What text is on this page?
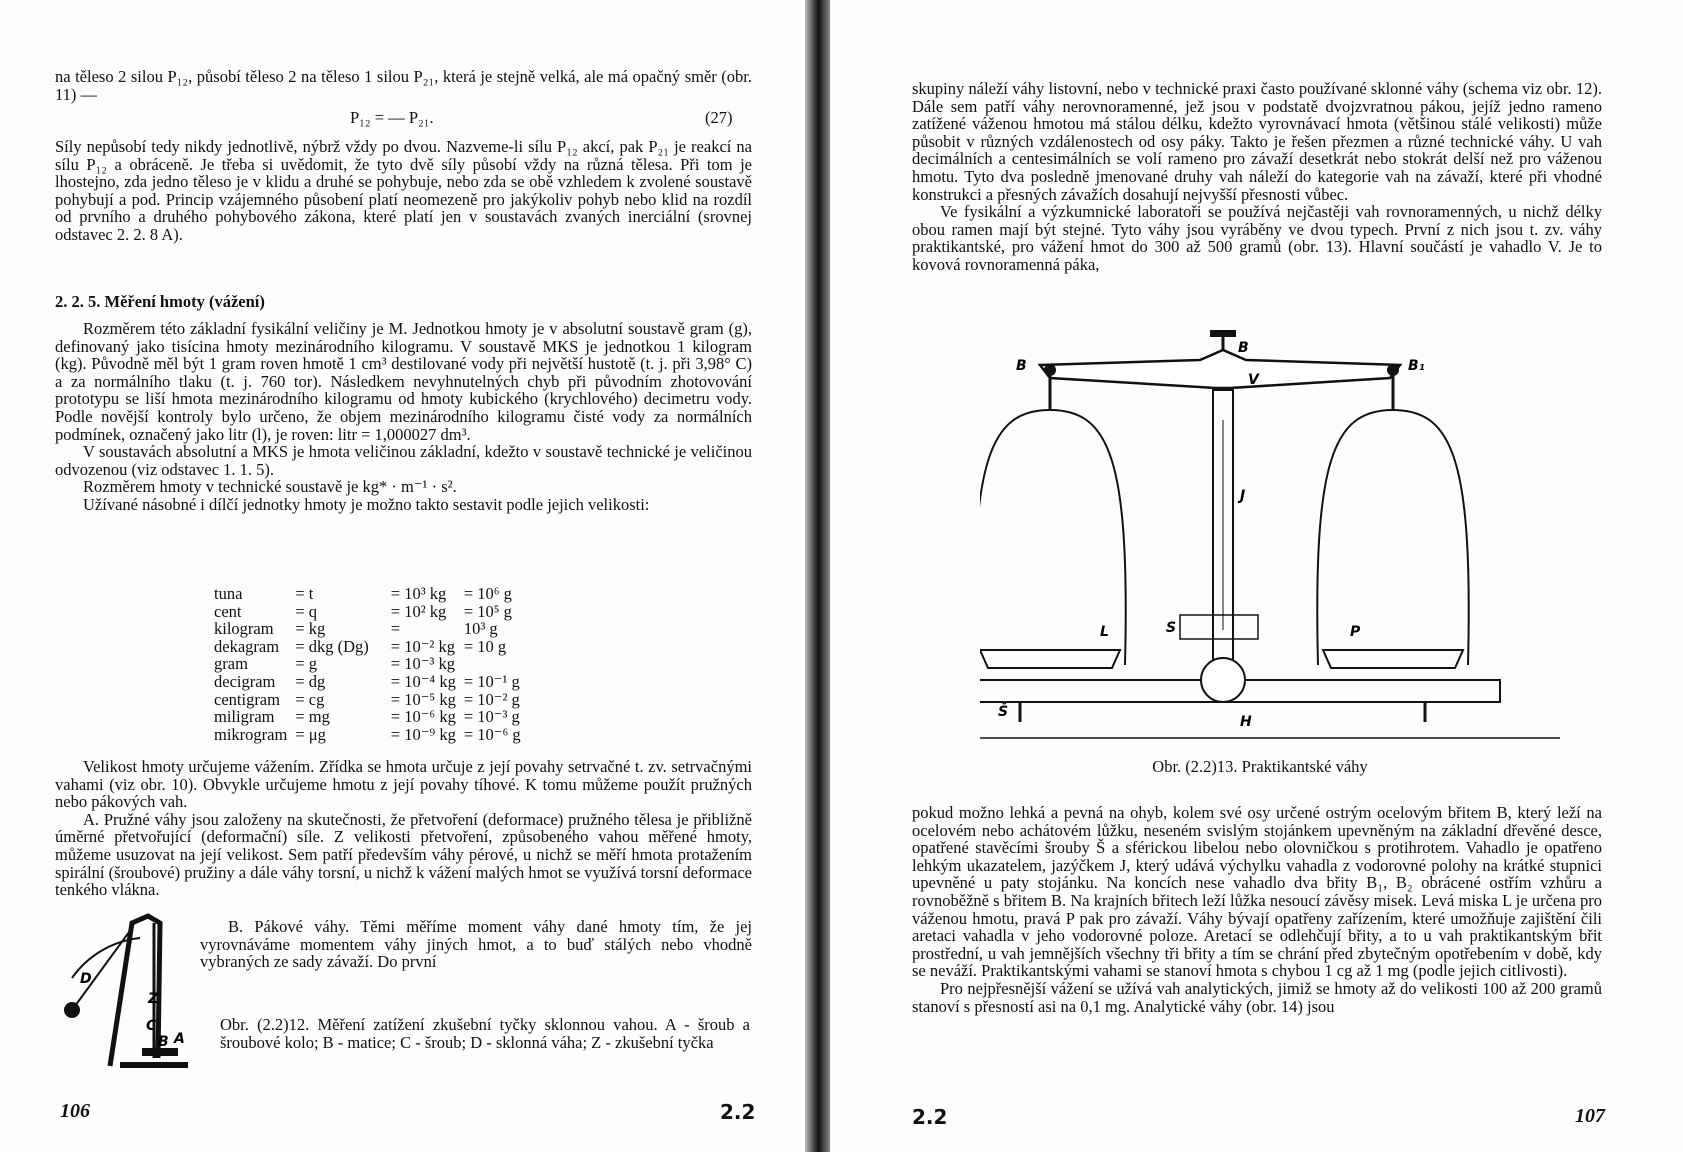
na těleso 2 silou P₁₂, působí těleso 2 na těleso 1 silou P₂₁, která je stejně velká, ale má opačný směr (obr. 11) —

P₁₂ = — P₂₁.	(27)

Síly nepůsobí tedy nikdy jednotlivě, nýbrž vždy po dvou. Nazveme-li sílu P₁₂ akcí, pak P₂₁ je reakcí na sílu P₁₂ a obráceně. Je třeba si uvědomit, že tyto dvě síly působí vždy na různá tělesa. Při tom je lhostejno, zda jedno těleso je v klidu a druhé se pohybuje, nebo zda se obě vzhledem k zvolené soustavě pohybují a pod. Princip vzájemného působení platí neomezeně pro jakýkoliv pohyb nebo klid na rozdíl od prvního a druhého pohybového zákona, které platí jen v soustavách zvaných inerciální (srovnej odstavec 2. 2. 8 A).

2. 2. 5. Měření hmoty (vážení)

Rozměrem této základní fysikální veličiny je M. Jednotkou hmoty je v absolutní soustavě gram (g), definovaný jako tisícina hmoty mezinárodního kilogramu. V soustavě MKS je jednotkou 1 kilogram (kg). Původně měl být 1 gram roven hmotě 1 cm³ destilované vody při největší hustotě (t. j. při 3,98° C) a za normálního tlaku (t. j. 760 tor). Následkem nevyhnutelných chyb při původním zhotovování prototypu se liší hmota mezinárodního kilogramu od hmoty kubického (krychlového) decimetru vody. Podle novější kontroly bylo určeno, že objem mezinárodního kilogramu čisté vody za normálních podmínek, označený jako litr (l), je roven: litr = 1,000027 dm³.

V soustavách absolutní a MKS je hmota veličinou základní, kdežto v soustavě technické je veličinou odvozenou (viz odstavec 1. 1. 5).

Rozměrem hmoty v technické soustavě je kg* · m⁻¹ · s².

Užívané násobné i dílčí jednotky hmoty je možno takto sestavit podle jejich velikosti:

tuna	= t	= 10³ kg	= 10⁶ g
cent	= q	= 10² kg	= 10⁵ g
kilogram	= kg	=	10³ g
dekagram	= dkg (Dg)	= 10⁻² kg	= 10 g
gram	= g	= 10⁻³ kg	
decigram	= dg	= 10⁻⁴ kg	= 10⁻¹ g
centigram	= cg	= 10⁻⁵ kg	= 10⁻² g
miligram	= mg	= 10⁻⁶ kg	= 10⁻³ g
mikrogram	= μg	= 10⁻⁹ kg	= 10⁻⁶ g

Velikost hmoty určujeme vážením. Zřídka se hmota určuje z její povahy setrvačné t. zv. setrvačnými vahami (viz obr. 10). Obvykle určujeme hmotu z její povahy tíhové. K tomu můžeme použít pružných nebo pákových vah.

A. Pružné váhy jsou založeny na skutečnosti, že přetvoření (deformace) pružného tělesa je přibližně úměrné přetvořující (deformační) síle. Z velikosti přetvoření, způsobeného vahou měřené hmoty, můžeme usuzovat na její velikost. Sem patří především váhy pérové, u nichž se měří hmota protažením spirální (šroubové) pružiny a dále váhy torsní, u nichž k vážení malých hmot se využívá torsní deformace tenkého vlákna.

B. Pákové váhy. Těmi měříme moment váhy dané hmoty tím, že jej vyrovnáváme momentem váhy jiných hmot, a to buď stálých nebo vhodně vybraných ze sady závaží. Do první

D
Z
C
B A
Obr. (2.2)12. Měření zatížení zkušební tyčky sklonnou vahou. A - šroub a šroubové kolo; B - matice; C - šroub; D - sklonná váha; Z - zkušební tyčka
106	2.2

skupiny náleží váhy listovní, nebo v technické praxi často používané sklonné váhy (schema viz obr. 12). Dále sem patří váhy nerovnoramenné, jež jsou v podstatě dvojzvratnou pákou, jejíž jedno rameno zatížené váženou hmotou má stálou délku, kdežto vyrovnávací hmota (většinou stálé velikosti) může působit v různých vzdálenostech od osy páky. Takto je řešen přezmen a různé technické váhy. U vah decimálních a centesimálních se volí rameno pro závaží desetkrát nebo stokrát delší než pro váženou hmotu. Tyto dva posledně jmenované druhy vah náleží do kategorie vah na závaží, které při vhodné konstrukci a přesných závažích dosahují nejvyšší přesnosti vůbec.

Ve fysikální a výzkumnické laboratoři se používá nejčastěji vah rovnoramenných, u nichž délky obou ramen mají být stejné. Tyto váhy jsou vyráběny ve dvou typech. První z nich jsou t. zv. váhy praktikantské, pro vážení hmot do 300 až 500 gramů (obr. 13). Hlavní součástí je vahadlo V. Je to kovová rovnoramenná páka,

B
B	B₁
V
J
S
L	P
Š
H
Obr. (2.2)13. Praktikantské váhy

pokud možno lehká a pevná na ohyb, kolem své osy určené ostrým ocelovým břitem B, který leží na ocelovém nebo achátovém lůžku, neseném svislým stojánkem upevněným na základní dřevěné desce, opatřené stavěcími šrouby Š a sférickou libelou nebo olovničkou s protihrotem. Vahadlo je opatřeno lehkým ukazatelem, jazýčkem J, který udává výchylku vahadla z vodorovné polohy na krátké stupnici upevněné u paty stojánku. Na koncích nese vahadlo dva břity B₁, B₂ obrácené ostřím vzhůru a rovnoběžně s břitem B. Na krajních břitech leží lůžka nesoucí závěsy misek. Levá miska L je určena pro váženou hmotu, pravá P pak pro závaží. Váhy bývají opatřeny zařízením, které umožňuje zajištění čili aretaci vahadla v jeho vodorovné poloze. Aretací se odlehčují břity, a to u vah praktikantským břit prostřední, u vah jemnějších všechny tři břity a tím se chrání před zbytečným opotřebením v době, kdy se neváží. Praktikantskými vahami se stanoví hmota s chybou 1 cg až 1 mg (podle jejich citlivosti).

Pro nejpřesnější vážení se užívá vah analytických, jimiž se hmoty až do velikosti 100 až 200 gramů stanoví s přesností asi na 0,1 mg. Analytické váhy (obr. 14) jsou

2.2	107
